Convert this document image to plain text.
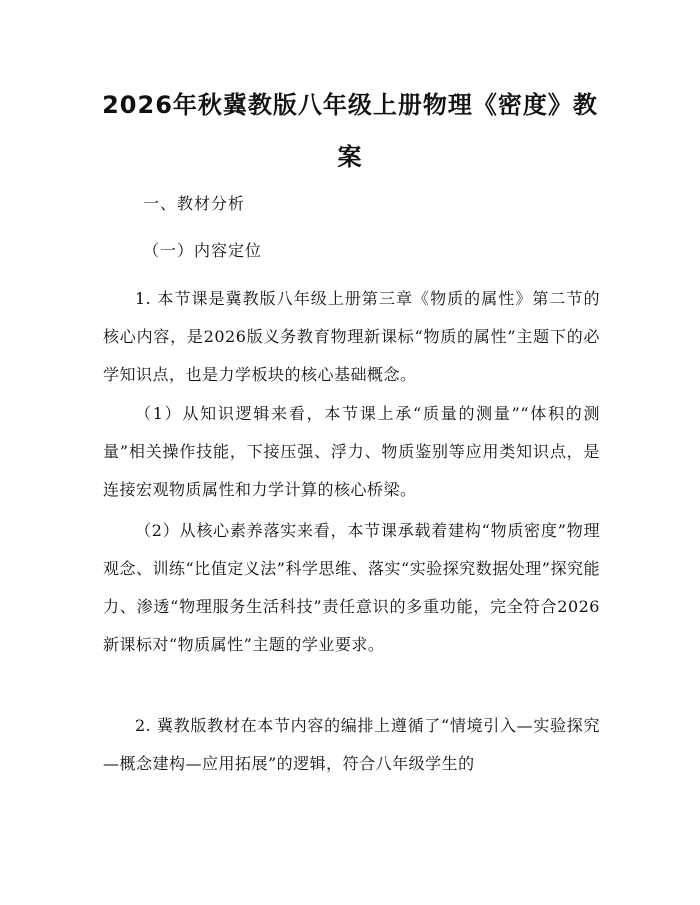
2026年秋冀教版八年级上册物理《密度》教案
一、教材分析
（一）内容定位
1. 本节课是冀教版八年级上册第三章《物质的属性》第二节的核心内容，是2026版义务教育物理新课标“物质的属性”主题下的必学知识点，也是力学板块的核心基础概念。
（1）从知识逻辑来看，本节课上承“质量的测量”“体积的测量”相关操作技能，下接压强、浮力、物质鉴别等应用类知识点，是连接宏观物质属性和力学计算的核心桥梁。
（2）从核心素养落实来看，本节课承载着建构“物质密度”物理观念、训练“比值定义法”科学思维、落实“实验探究数据处理”探究能力、渗透“物理服务生活科技”责任意识的多重功能，完全符合2026新课标对“物质属性”主题的学业要求。
2. 冀教版教材在本节内容的编排上遵循了“情境引入—实验探究—概念建构—应用拓展”的逻辑，符合八年级学生的
